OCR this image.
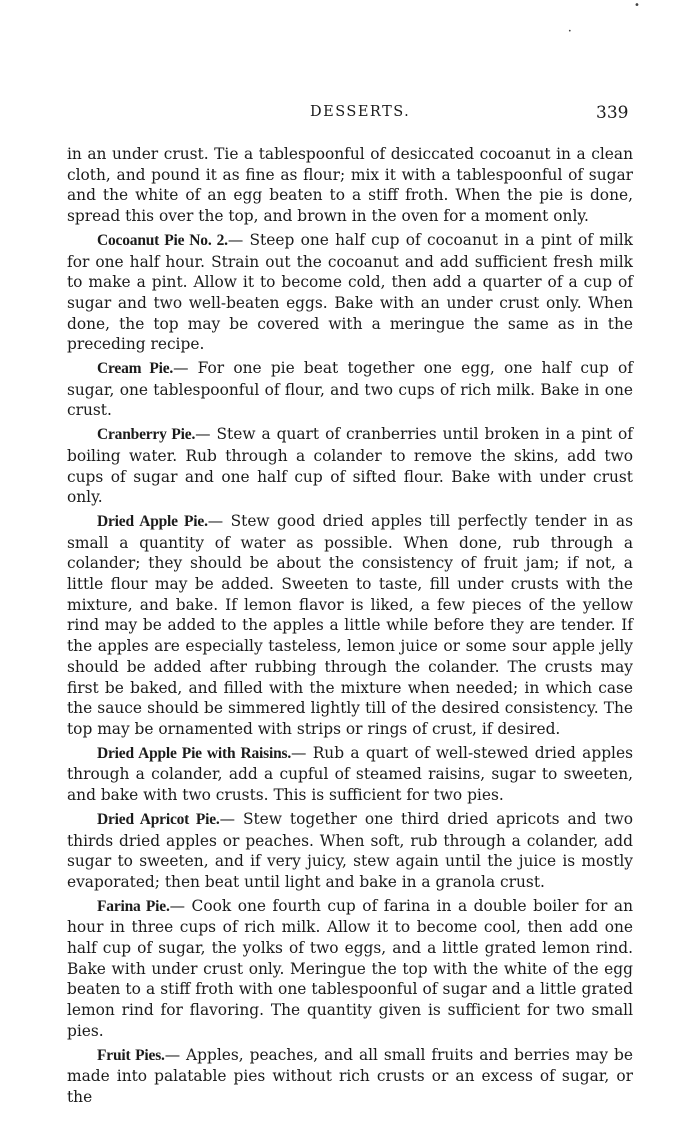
•
•
DESSERTS.	339

in an under crust. Tie a tablespoonful of desiccated cocoanut in a clean cloth, and pound it as fine as flour; mix it with a tablespoonful of sugar and the white of an egg beaten to a stiff froth. When the pie is done, spread this over the top, and brown in the oven for a moment only.

Cocoanut Pie No. 2.— Steep one half cup of cocoanut in a pint of milk for one half hour. Strain out the cocoanut and add sufficient fresh milk to make a pint. Allow it to become cold, then add a quarter of a cup of sugar and two well-beaten eggs. Bake with an under crust only. When done, the top may be covered with a meringue the same as in the preceding recipe.

Cream Pie.— For one pie beat together one egg, one half cup of sugar, one tablespoonful of flour, and two cups of rich milk. Bake in one crust.

Cranberry Pie.— Stew a quart of cranberries until broken in a pint of boiling water. Rub through a colander to remove the skins, add two cups of sugar and one half cup of sifted flour. Bake with under crust only.

Dried Apple Pie.— Stew good dried apples till perfectly tender in as small a quantity of water as possible. When done, rub through a colander; they should be about the consistency of fruit jam; if not, a little flour may be added. Sweeten to taste, fill under crusts with the mixture, and bake. If lemon flavor is liked, a few pieces of the yellow rind may be added to the apples a little while before they are tender. If the apples are especially tasteless, lemon juice or some sour apple jelly should be added after rubbing through the colander. The crusts may first be baked, and filled with the mixture when needed; in which case the sauce should be simmered lightly till of the desired consistency. The top may be ornamented with strips or rings of crust, if desired.

Dried Apple Pie with Raisins.— Rub a quart of well-stewed dried apples through a colander, add a cupful of steamed raisins, sugar to sweeten, and bake with two crusts. This is sufficient for two pies.

Dried Apricot Pie.— Stew together one third dried apricots and two thirds dried apples or peaches. When soft, rub through a colander, add sugar to sweeten, and if very juicy, stew again until the juice is mostly evaporated; then beat until light and bake in a granola crust.

Farina Pie.— Cook one fourth cup of farina in a double boiler for an hour in three cups of rich milk. Allow it to become cool, then add one half cup of sugar, the yolks of two eggs, and a little grated lemon rind. Bake with under crust only. Meringue the top with the white of the egg beaten to a stiff froth with one tablespoonful of sugar and a little grated lemon rind for flavoring. The quantity given is sufficient for two small pies.

Fruit Pies.— Apples, peaches, and all small fruits and berries may be made into palatable pies without rich crusts or an excess of sugar, or the
